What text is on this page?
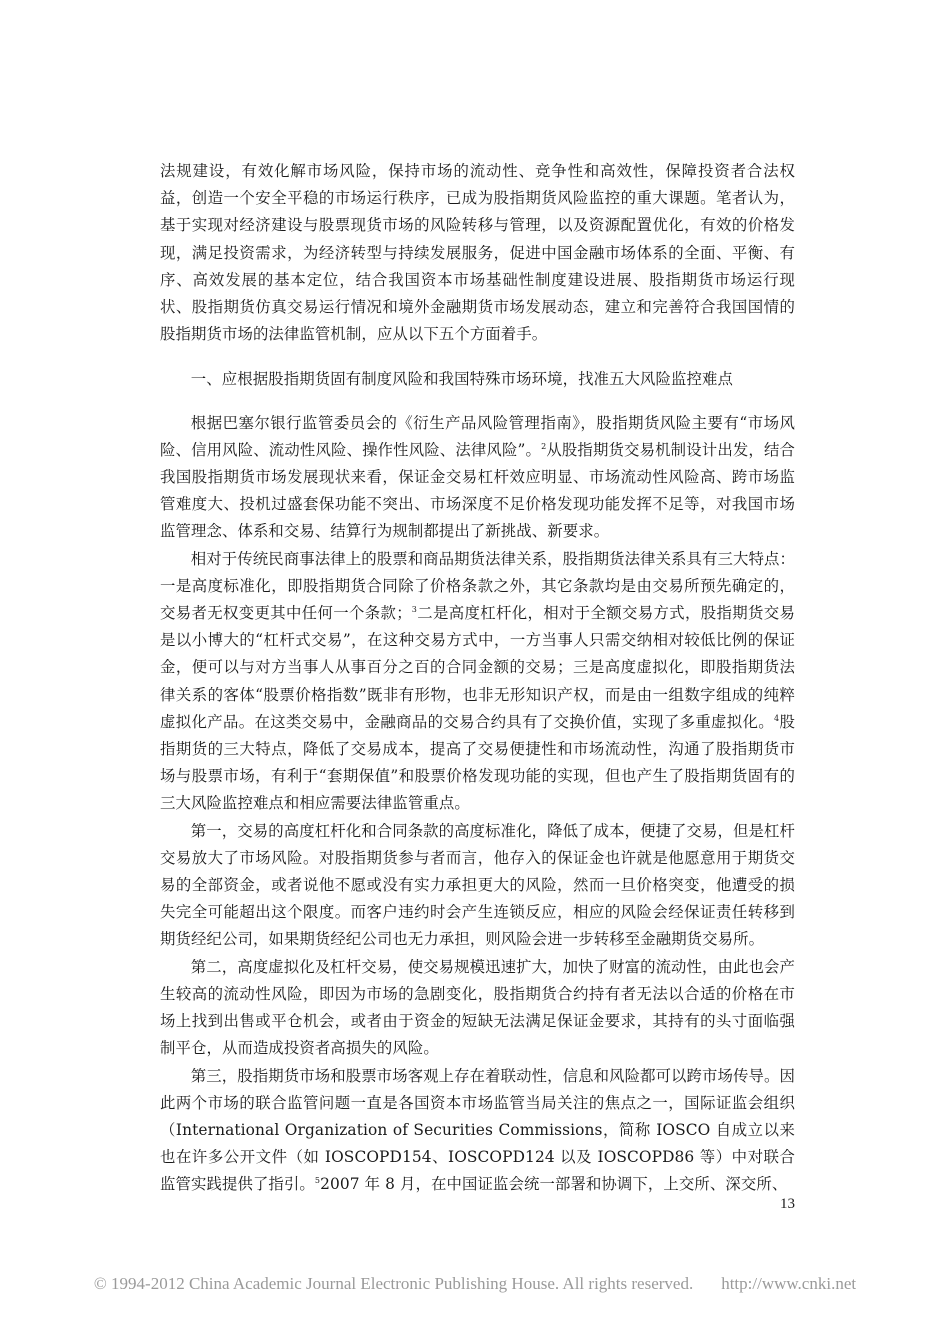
法规建设，有效化解市场风险，保持市场的流动性、竞争性和高效性，保障投资者合法权益，创造一个安全平稳的市场运行秩序，已成为股指期货风险监控的重大课题。笔者认为，基于实现对经济建设与股票现货市场的风险转移与管理，以及资源配置优化，有效的价格发现，满足投资需求，为经济转型与持续发展服务，促进中国金融市场体系的全面、平衡、有序、高效发展的基本定位，结合我国资本市场基础性制度建设进展、股指期货市场运行现状、股指期货仿真交易运行情况和境外金融期货市场发展动态，建立和完善符合我国国情的股指期货市场的法律监管机制，应从以下五个方面着手。

一、应根据股指期货固有制度风险和我国特殊市场环境，找准五大风险监控难点

根据巴塞尔银行监管委员会的《衍生产品风险管理指南》，股指期货风险主要有“市场风险、信用风险、流动性风险、操作性风险、法律风险”。$^2$从股指期货交易机制设计出发，结合我国股指期货市场发展现状来看，保证金交易杠杆效应明显、市场流动性风险高、跨市场监管难度大、投机过盛套保功能不突出、市场深度不足价格发现功能发挥不足等，对我国市场监管理念、体系和交易、结算行为规制都提出了新挑战、新要求。

相对于传统民商事法律上的股票和商品期货法律关系，股指期货法律关系具有三大特点：一是高度标准化，即股指期货合同除了价格条款之外，其它条款均是由交易所预先确定的，交易者无权变更其中任何一个条款；$^3$二是高度杠杆化，相对于全额交易方式，股指期货交易是以小博大的“杠杆式交易”，在这种交易方式中，一方当事人只需交纳相对较低比例的保证金，便可以与对方当事人从事百分之百的合同金额的交易；三是高度虚拟化，即股指期货法律关系的客体“股票价格指数”既非有形物，也非无形知识产权，而是由一组数字组成的纯粹虚拟化产品。在这类交易中，金融商品的交易合约具有了交换价值，实现了多重虚拟化。$^4$股指期货的三大特点，降低了交易成本，提高了交易便捷性和市场流动性，沟通了股指期货市场与股票市场，有利于“套期保值”和股票价格发现功能的实现，但也产生了股指期货固有的三大风险监控难点和相应需要法律监管重点。

第一，交易的高度杠杆化和合同条款的高度标准化，降低了成本，便捷了交易，但是杠杆交易放大了市场风险。对股指期货参与者而言，他存入的保证金也许就是他愿意用于期货交易的全部资金，或者说他不愿或没有实力承担更大的风险，然而一旦价格突变，他遭受的损失完全可能超出这个限度。而客户违约时会产生连锁反应，相应的风险会经保证责任转移到期货经纪公司，如果期货经纪公司也无力承担，则风险会进一步转移至金融期货交易所。

第二，高度虚拟化及杠杆交易，使交易规模迅速扩大，加快了财富的流动性，由此也会产生较高的流动性风险，即因为市场的急剧变化，股指期货合约持有者无法以合适的价格在市场上找到出售或平仓机会，或者由于资金的短缺无法满足保证金要求，其持有的头寸面临强制平仓，从而造成投资者高损失的风险。

第三，股指期货市场和股票市场客观上存在着联动性，信息和风险都可以跨市场传导。因此两个市场的联合监管问题一直是各国资本市场监管当局关注的焦点之一，国际证监会组织（International Organization of Securities Commissions，简称 IOSCO 自成立以来也在许多公开文件（如 IOSCOPD154、IOSCOPD124 以及 IOSCOPD86 等）中对联合监管实践提供了指引。$^5$2007 年 8 月，在中国证监会统一部署和协调下，上交所、深交所、

13
© 1994-2012 China Academic Journal Electronic Publishing House. All rights reserved. http://www.cnki.net
